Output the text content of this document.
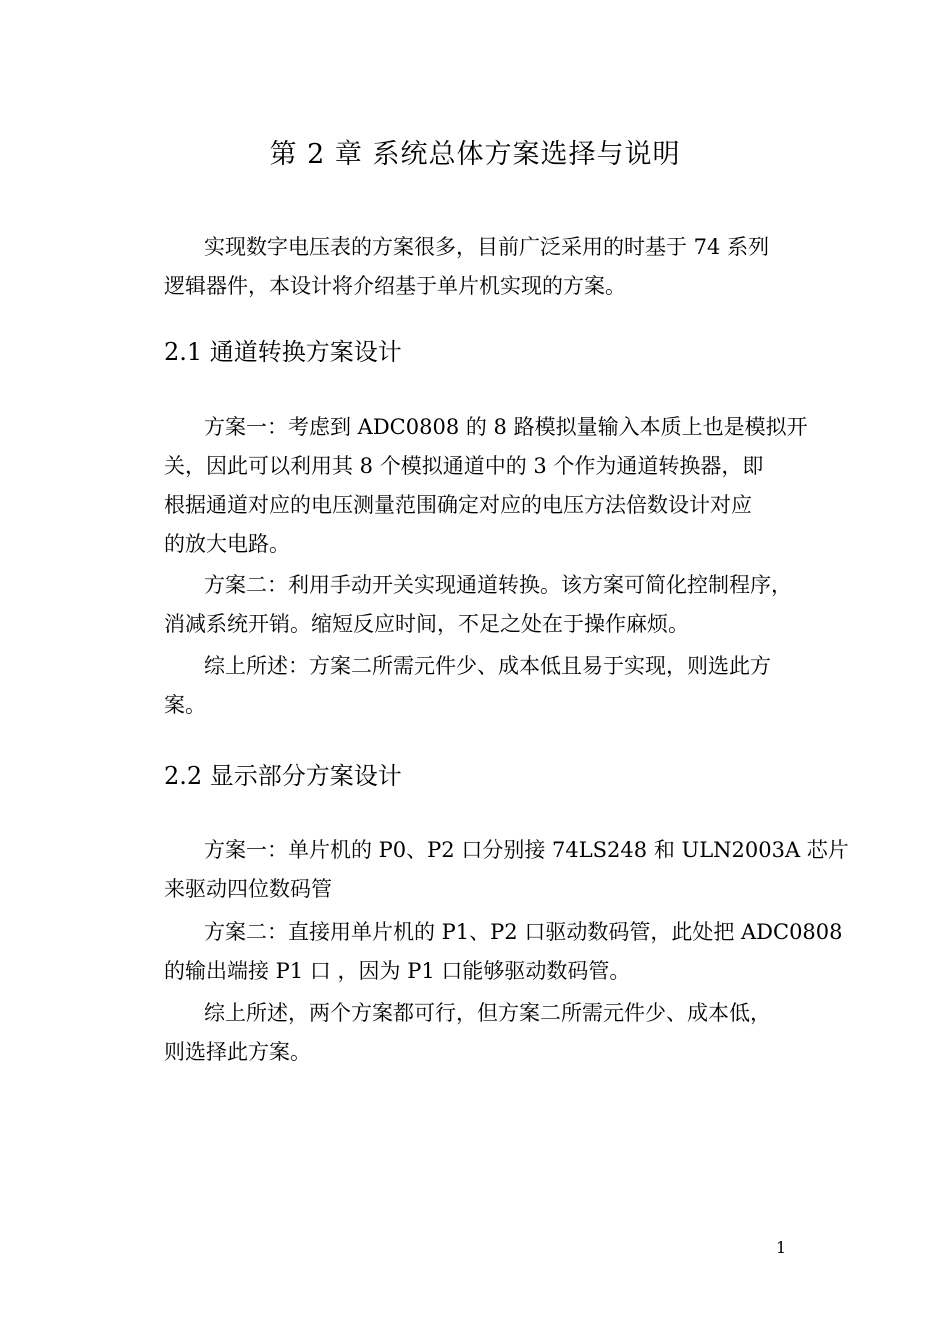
第 2 章 系统总体方案选择与说明
实现数字电压表的方案很多，目前广泛采用的时基于 74 系列
逻辑器件，本设计将介绍基于单片机实现的方案。
2.1 通道转换方案设计
方案一：考虑到 ADC0808 的 8 路模拟量输入本质上也是模拟开
关，因此可以利用其 8 个模拟通道中的 3 个作为通道转换器，即
根据通道对应的电压测量范围确定对应的电压方法倍数设计对应
的放大电路。
方案二：利用手动开关实现通道转换。该方案可简化控制程序，
消减系统开销。缩短反应时间，不足之处在于操作麻烦。
综上所述：方案二所需元件少、成本低且易于实现，则选此方
案。
2.2 显示部分方案设计
方案一：单片机的 P0、P2 口分别接 74LS248 和 ULN2003A 芯片
来驱动四位数码管
方案二：直接用单片机的 P1、P2 口驱动数码管，此处把 ADC0808
的输出端接 P1 口 ，因为 P1 口能够驱动数码管。
综上所述，两个方案都可行，但方案二所需元件少、成本低，
则选择此方案。
1
